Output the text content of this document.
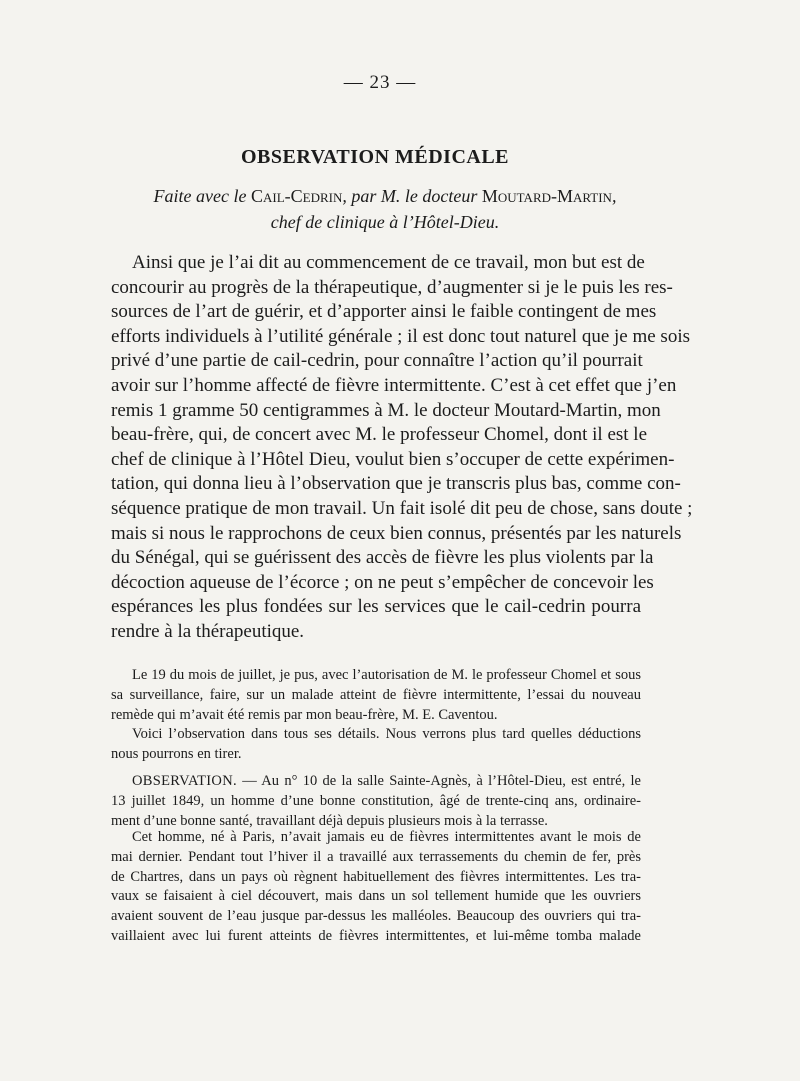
— 23 —
OBSERVATION MÉDICALE
Faite avec le Cail-Cedrin, par M. le docteur Moutard-Martin,
chef de clinique à l’Hôtel-Dieu.
Ainsi que je l’ai dit au commencement de ce travail, mon but est de
concourir au progrès de la thérapeutique, d’augmenter si je le puis les res-
sources de l’art de guérir, et d’apporter ainsi le faible contingent de mes
efforts individuels à l’utilité générale ; il est donc tout naturel que je me sois
privé d’une partie de cail-cedrin, pour connaître l’action qu’il pourrait
avoir sur l’homme affecté de fièvre intermittente. C’est à cet effet que j’en
remis 1 gramme 50 centigrammes à M. le docteur Moutard-Martin, mon
beau-frère, qui, de concert avec M. le professeur Chomel, dont il est le
chef de clinique à l’Hôtel Dieu, voulut bien s’occuper de cette expérimen-
tation, qui donna lieu à l’observation que je transcris plus bas, comme con-
séquence pratique de mon travail. Un fait isolé dit peu de chose, sans doute ;
mais si nous le rapprochons de ceux bien connus, présentés par les naturels
du Sénégal, qui se guérissent des accès de fièvre les plus violents par la
décoction aqueuse de l’écorce ; on ne peut s’empêcher de concevoir les
espérances les plus fondées sur les services que le cail-cedrin pourra
rendre à la thérapeutique.
Le 19 du mois de juillet, je pus, avec l’autorisation de M. le professeur Chomel et sous
sa surveillance, faire, sur un malade atteint de fièvre intermittente, l’essai du nouveau
remède qui m’avait été remis par mon beau-frère, M. E. Caventou.
Voici l’observation dans tous ses détails. Nous verrons plus tard quelles déductions
nous pourrons en tirer.
OBSERVATION. — Au n° 10 de la salle Sainte-Agnès, à l’Hôtel-Dieu, est entré, le
13 juillet 1849, un homme d’une bonne constitution, âgé de trente-cinq ans, ordinaire-
ment d’une bonne santé, travaillant déjà depuis plusieurs mois à la terrasse.
Cet homme, né à Paris, n’avait jamais eu de fièvres intermittentes avant le mois de
mai dernier. Pendant tout l’hiver il a travaillé aux terrassements du chemin de fer, près
de Chartres, dans un pays où règnent habituellement des fièvres intermittentes. Les tra-
vaux se faisaient à ciel découvert, mais dans un sol tellement humide que les ouvriers
avaient souvent de l’eau jusque par-dessus les malléoles. Beaucoup des ouvriers qui tra-
vaillaient avec lui furent atteints de fièvres intermittentes, et lui-même tomba malade
